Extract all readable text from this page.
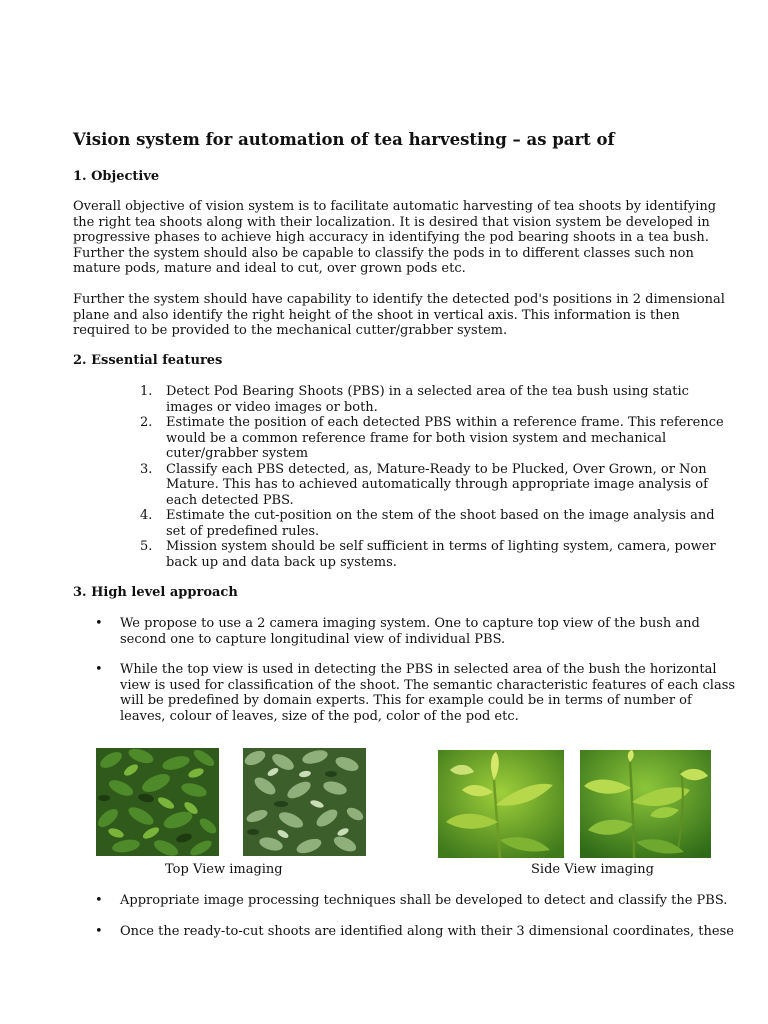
Vision system for automation of tea harvesting – as part of
1. Objective

Overall objective of vision system is to facilitate automatic harvesting of tea shoots by identifying
the right tea shoots along with their localization. It is desired that vision system be developed in
progressive phases to achieve high accuracy in identifying the pod bearing shoots in a tea bush.
Further the system should also be capable to classify the pods in to different classes such non
mature pods, mature and ideal to cut, over grown pods etc.

Further the system should have capability to identify the detected pod's positions in 2 dimensional
plane and also identify the right height of the shoot in vertical axis. This information is then
required to be provided to the mechanical cutter/grabber system.

2. Essential features
1. Detect Pod Bearing Shoots (PBS) in a selected area of the tea bush using static
images or video images or both.
2. Estimate the position of each detected PBS within a reference frame. This reference
would be a common reference frame for both vision system and mechanical
cuter/grabber system
3. Classify each PBS detected, as, Mature-Ready to be Plucked, Over Grown, or Non
Mature. This has to achieved automatically through appropriate image analysis of
each detected PBS.
4. Estimate the cut-position on the stem of the shoot based on the image analysis and
set of predefined rules.
5. Mission system should be self sufficient in terms of lighting system, camera, power
back up and data back up systems.
3. High level approach
• We propose to use a 2 camera imaging system. One to capture top view of the bush and
second one to capture longitudinal view of individual PBS.
• While the top view is used in detecting the PBS in selected area of the bush the horizontal
view is used for classification of the shoot. The semantic characteristic features of each class
will be predefined by domain experts. This for example could be in terms of number of
leaves, colour of leaves, size of the pod, color of the pod etc.
Top View imaging	Side View imaging
• Appropriate image processing techniques shall be developed to detect and classify the PBS.
• Once the ready-to-cut shoots are identified along with their 3 dimensional coordinates, these
